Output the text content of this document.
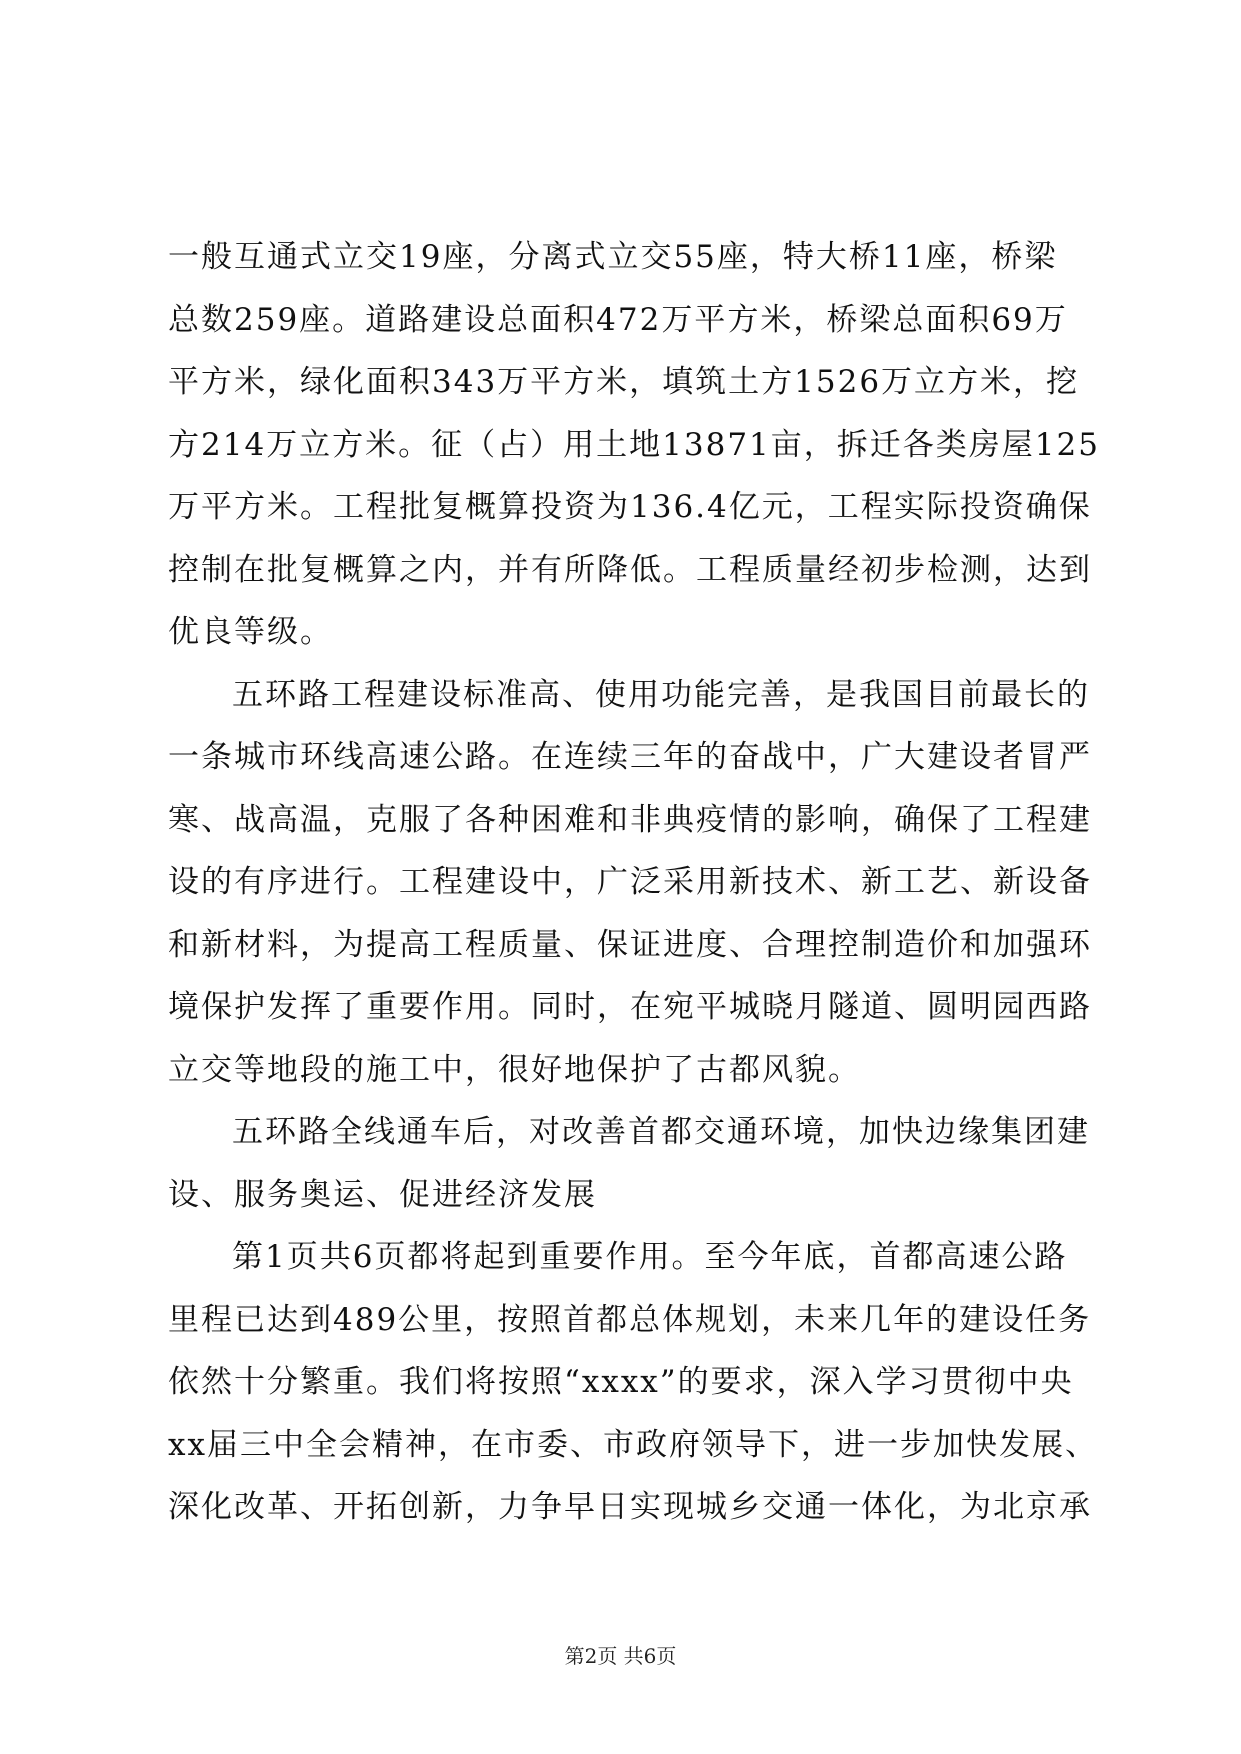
一般互通式立交19座，分离式立交55座，特大桥11座，桥梁
总数259座。道路建设总面积472万平方米，桥梁总面积69万
平方米，绿化面积343万平方米，填筑土方1526万立方米，挖
方214万立方米。征（占）用土地13871亩，拆迁各类房屋125
万平方米。工程批复概算投资为136.4亿元，工程实际投资确保
控制在批复概算之内，并有所降低。工程质量经初步检测，达到
优良等级。
五环路工程建设标准高、使用功能完善，是我国目前最长的
一条城市环线高速公路。在连续三年的奋战中，广大建设者冒严
寒、战高温，克服了各种困难和非典疫情的影响，确保了工程建
设的有序进行。工程建设中，广泛采用新技术、新工艺、新设备
和新材料，为提高工程质量、保证进度、合理控制造价和加强环
境保护发挥了重要作用。同时，在宛平城晓月隧道、圆明园西路
立交等地段的施工中，很好地保护了古都风貌。
五环路全线通车后，对改善首都交通环境，加快边缘集团建
设、服务奥运、促进经济发展
第1页共6页都将起到重要作用。至今年底，首都高速公路
里程已达到489公里，按照首都总体规划，未来几年的建设任务
依然十分繁重。我们将按照“xxxx”的要求，深入学习贯彻中央
xx届三中全会精神，在市委、市政府领导下，进一步加快发展、
深化改革、开拓创新，力争早日实现城乡交通一体化，为北京承
第2页 共6页
